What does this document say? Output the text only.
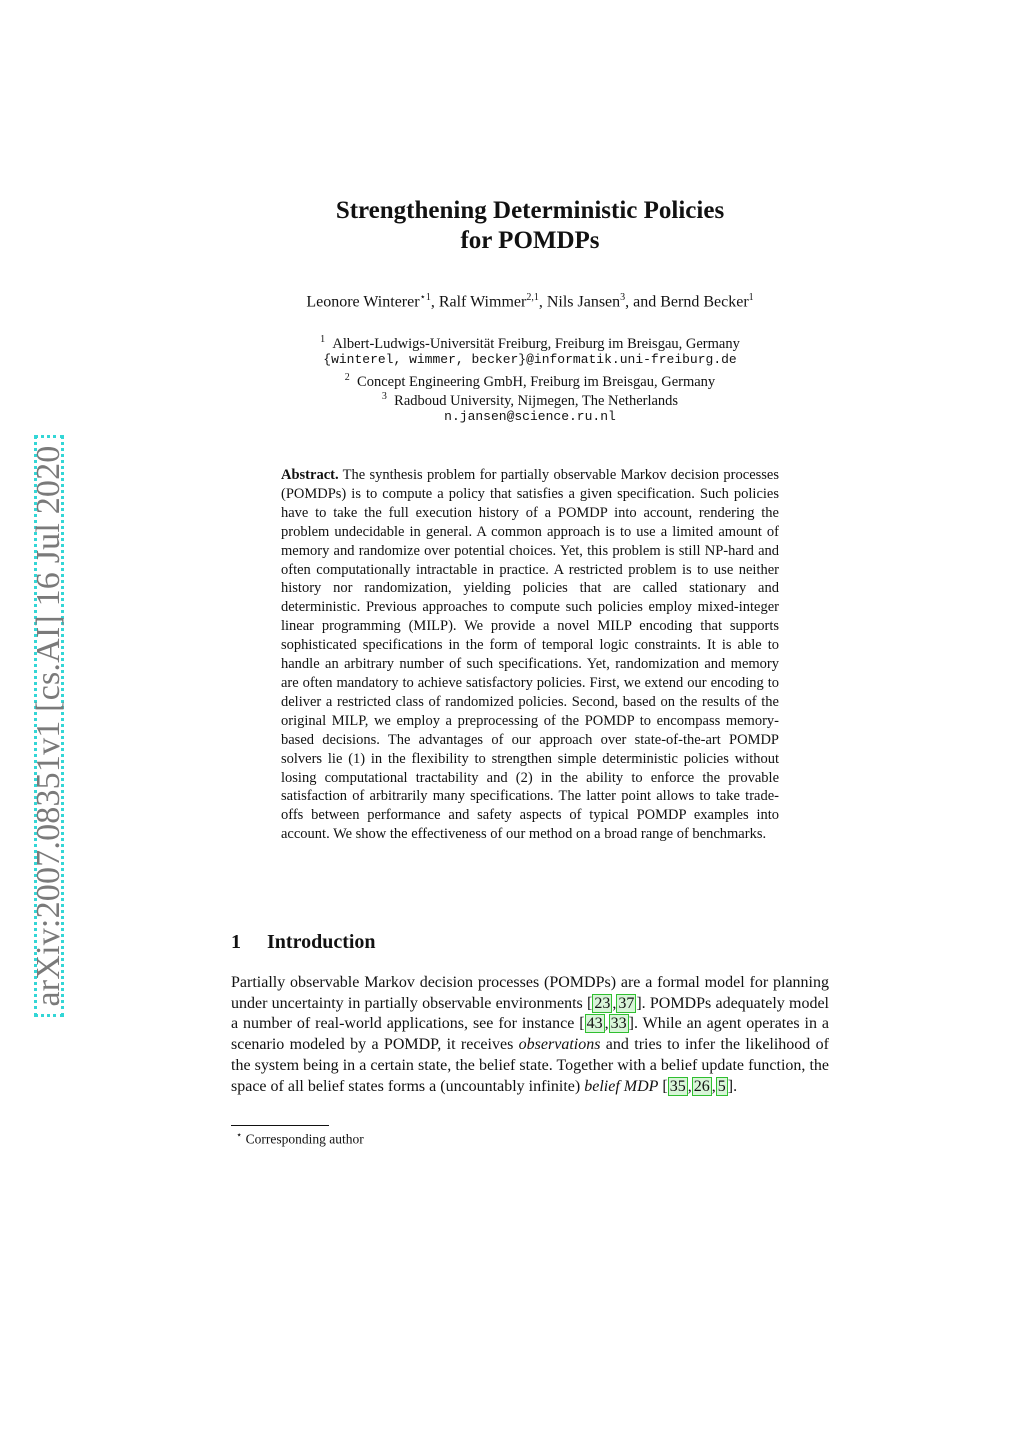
arXiv:2007.08351v1 [cs.AI] 16 Jul 2020
Strengthening Deterministic Policies
for POMDPs
Leonore Winterer$^{⋆1}$, Ralf Wimmer$^{2,1}$, Nils Jansen$^3$, and Bernd Becker$^1$
$^1$ Albert-Ludwigs-Universität Freiburg, Freiburg im Breisgau, Germany
{winterel, wimmer, becker}@informatik.uni-freiburg.de
$^2$ Concept Engineering GmbH, Freiburg im Breisgau, Germany
$^3$ Radboud University, Nijmegen, The Netherlands
n.jansen@science.ru.nl
Abstract. The synthesis problem for partially observable Markov decision processes (POMDPs) is to compute a policy that satisfies a given specification. Such policies have to take the full execution history of a POMDP into account, rendering the problem undecidable in general. A common approach is to use a limited amount of memory and randomize over potential choices. Yet, this problem is still NP-hard and often computationally intractable in practice. A restricted problem is to use neither history nor randomization, yielding policies that are called stationary and deterministic. Previous approaches to compute such policies employ mixed-integer linear programming (MILP). We provide a novel MILP encoding that supports sophisticated specifications in the form of temporal logic constraints. It is able to handle an arbitrary number of such specifications. Yet, randomization and memory are often mandatory to achieve satisfactory policies. First, we extend our encoding to deliver a restricted class of randomized policies. Second, based on the results of the original MILP, we employ a preprocessing of the POMDP to encompass memory-based decisions. The advantages of our approach over state-of-the-art POMDP solvers lie (1) in the flexibility to strengthen simple deterministic policies without losing computational tractability and (2) in the ability to enforce the provable satisfaction of arbitrarily many specifications. The latter point allows to take trade-offs between performance and safety aspects of typical POMDP examples into account. We show the effectiveness of our method on a broad range of benchmarks.
1 Introduction
Partially observable Markov decision processes (POMDPs) are a formal model for planning under uncertainty in partially observable environments [ 23 , 37 ]. POMDPs adequately model a number of real-world applications, see for instance [ 43 , 33 ]. While an agent operates in a scenario modeled by a POMDP, it receives observations and tries to infer the likelihood of the system being in a certain state, the belief state. Together with a belief update function, the space of all belief states forms a (uncountably infinite) belief MDP [ 35 , 26 , 5 ].
⋆ Corresponding author
